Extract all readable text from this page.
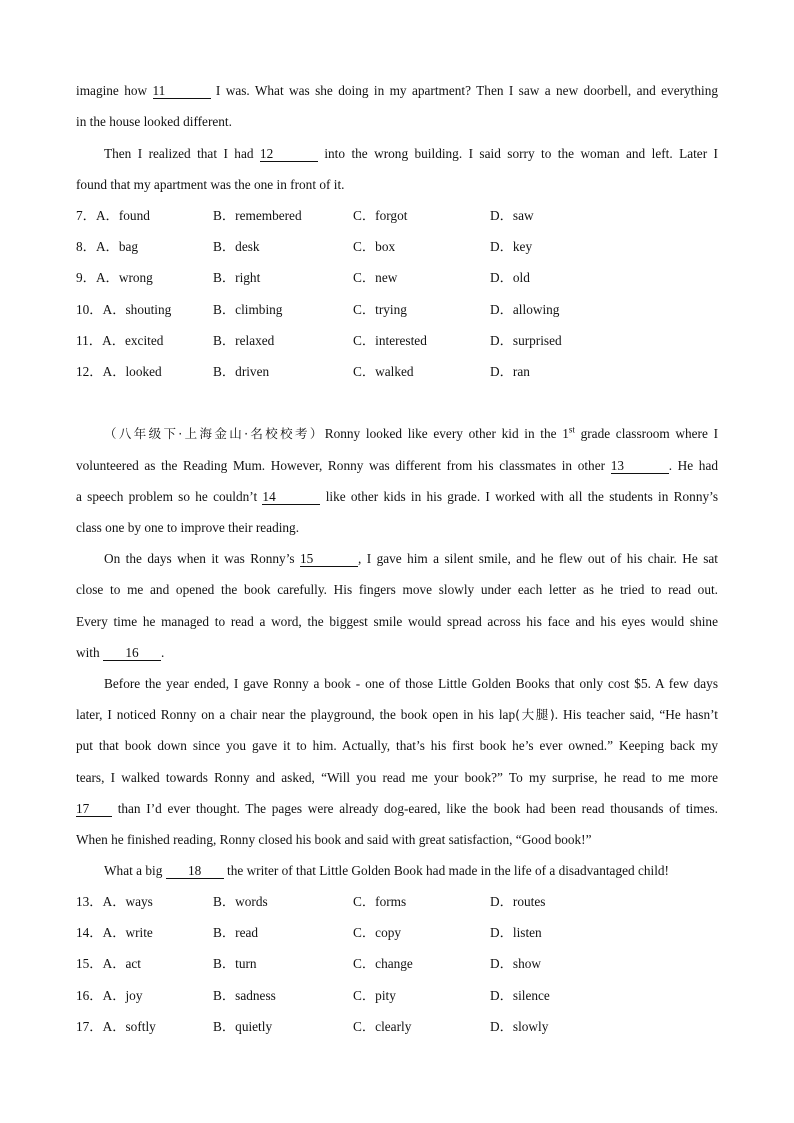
imagine how 11	I was. What was she doing in my apartment? Then I saw a new doorbell, and everything
in the house looked different.
Then I realized that I had 12	into the wrong building. I said sorry to the woman and left. Later I
found that my apartment was the one in front of it.
7．A．found	B．remembered	C．forgot	D．saw
8．A．bag	B．desk	C．box	D．key
9．A．wrong	B．right	C．new	D．old
10．A．shouting	B．climbing	C．trying	D．allowing
11．A．excited	B．relaxed	C．interested	D．surprised
12．A．looked	B．driven	C．walked	D．ran
（八年级下·上海金山·名校校考）Ronny looked like every other kid in the 1st grade classroom where I
volunteered as the Reading Mum. However, Ronny was different from his classmates in other 13	. He had
a speech problem so he couldn’t 14	like other kids in his grade. I worked with all the students in Ronny’s
class one by one to improve their reading.
On the days when it was Ronny’s 15	, I gave him a silent smile, and he flew out of his chair. He sat
close to me and opened the book carefully. His fingers move slowly under each letter as he tried to read out.
Every time he managed to read a word, the biggest smile would spread across his face and his eyes would shine
with 16 .
Before the year ended, I gave Ronny a book - one of those Little Golden Books that only cost $5. A few days
later, I noticed Ronny on a chair near the playground, the book open in his lap(大腿). His teacher said, “He hasn’t
put that book down since you gave it to him. Actually, that’s his first book he’s ever owned.” Keeping back my
tears, I walked towards Ronny and asked, “Will you read me your book?” To my surprise, he read to me more
17 than I’d ever thought. The pages were already dog-eared, like the book had been read thousands of times.
When he finished reading, Ronny closed his book and said with great satisfaction, “Good book!”
What a big 18 the writer of that Little Golden Book had made in the life of a disadvantaged child!
13．A．ways	B．words	C．forms	D．routes
14．A．write	B．read	C．copy	D．listen
15．A．act	B．turn	C．change	D．show
16．A．joy	B．sadness	C．pity	D．silence
17．A．softly	B．quietly	C．clearly	D．slowly
